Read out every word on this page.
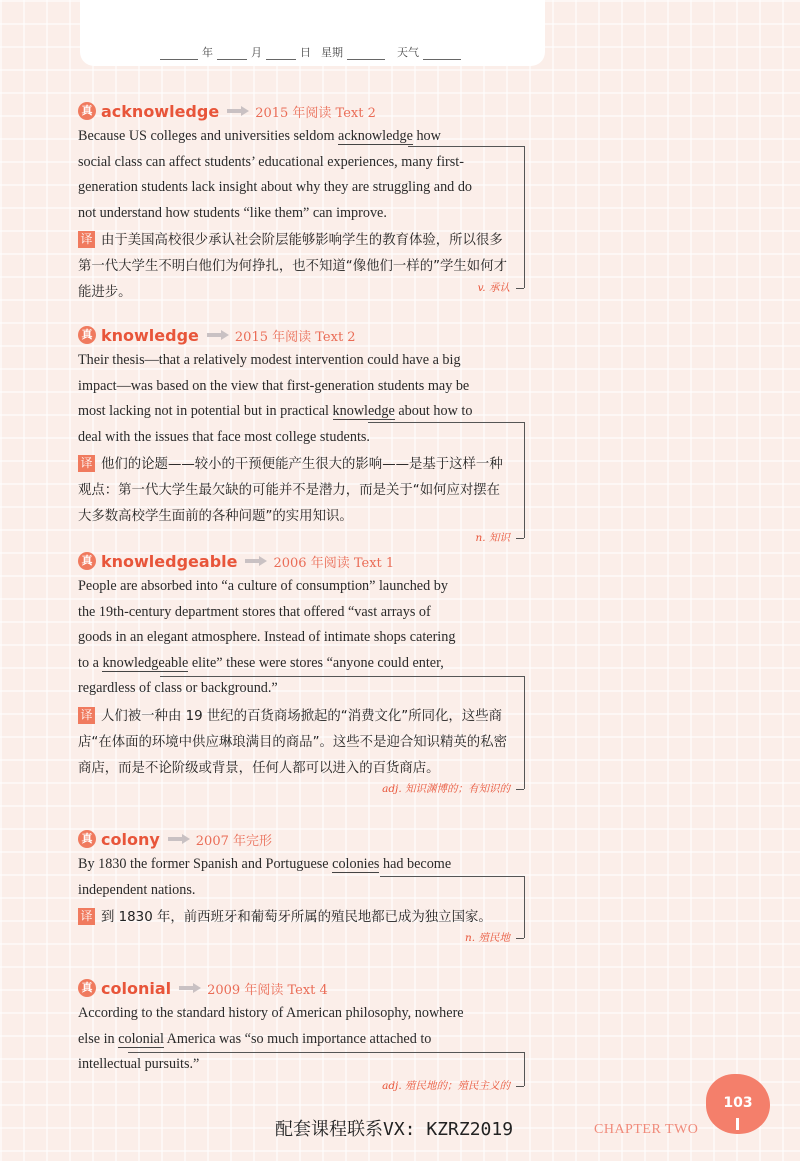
年	月	日 星期	天气
真 acknowledge	2015 年阅读 Text 2

Because US colleges and universities seldom acknowledge how
social class can affect students’ educational experiences, many first-
generation students lack insight about why they are struggling and do
not understand how students “like them” can improve.

译 由于美国高校很少承认社会阶层能够影响学生的教育体验，所以很多第一代大学生不明白他们为何挣扎，也不知道“像他们一样的”学生如何才能进步。	v. 承认
真 knowledge	2015 年阅读 Text 2

Their thesis—that a relatively modest intervention could have a big
impact—was based on the view that first-generation students may be
most lacking not in potential but in practical knowledge about how to
deal with the issues that face most college students.

译 他们的论题——较小的干预便能产生很大的影响——是基于这样一种观点：第一代大学生最欠缺的可能并不是潜力，而是关于“如何应对摆在大多数高校学生面前的各种问题”的实用知识。
n. 知识
真 knowledgeable	2006 年阅读 Text 1

People are absorbed into “a culture of consumption” launched by
the 19th-century department stores that offered “vast arrays of
goods in an elegant atmosphere. Instead of intimate shops catering
to a knowledgeable elite” these were stores “anyone could enter,
regardless of class or background.”

译 人们被一种由 19 世纪的百货商场掀起的“消费文化”所同化，这些商店“在体面的环境中供应琳琅满目的商品”。这些不是迎合知识精英的私密商店，而是不论阶级或背景，任何人都可以进入的百货商店。
adj. 知识渊博的；有知识的
真 colony	2007 年完形

By 1830 the former Spanish and Portuguese colonies had become
independent nations.

译 到 1830 年，前西班牙和葡萄牙所属的殖民地都已成为独立国家。
n. 殖民地
真 colonial	2009 年阅读 Text 4

According to the standard history of American philosophy, nowhere
else in colonial America was “so much importance attached to
intellectual pursuits.”

adj. 殖民地的；殖民主义的
配套课程联系VX: KZRZ2019	CHAPTER TWO
103
